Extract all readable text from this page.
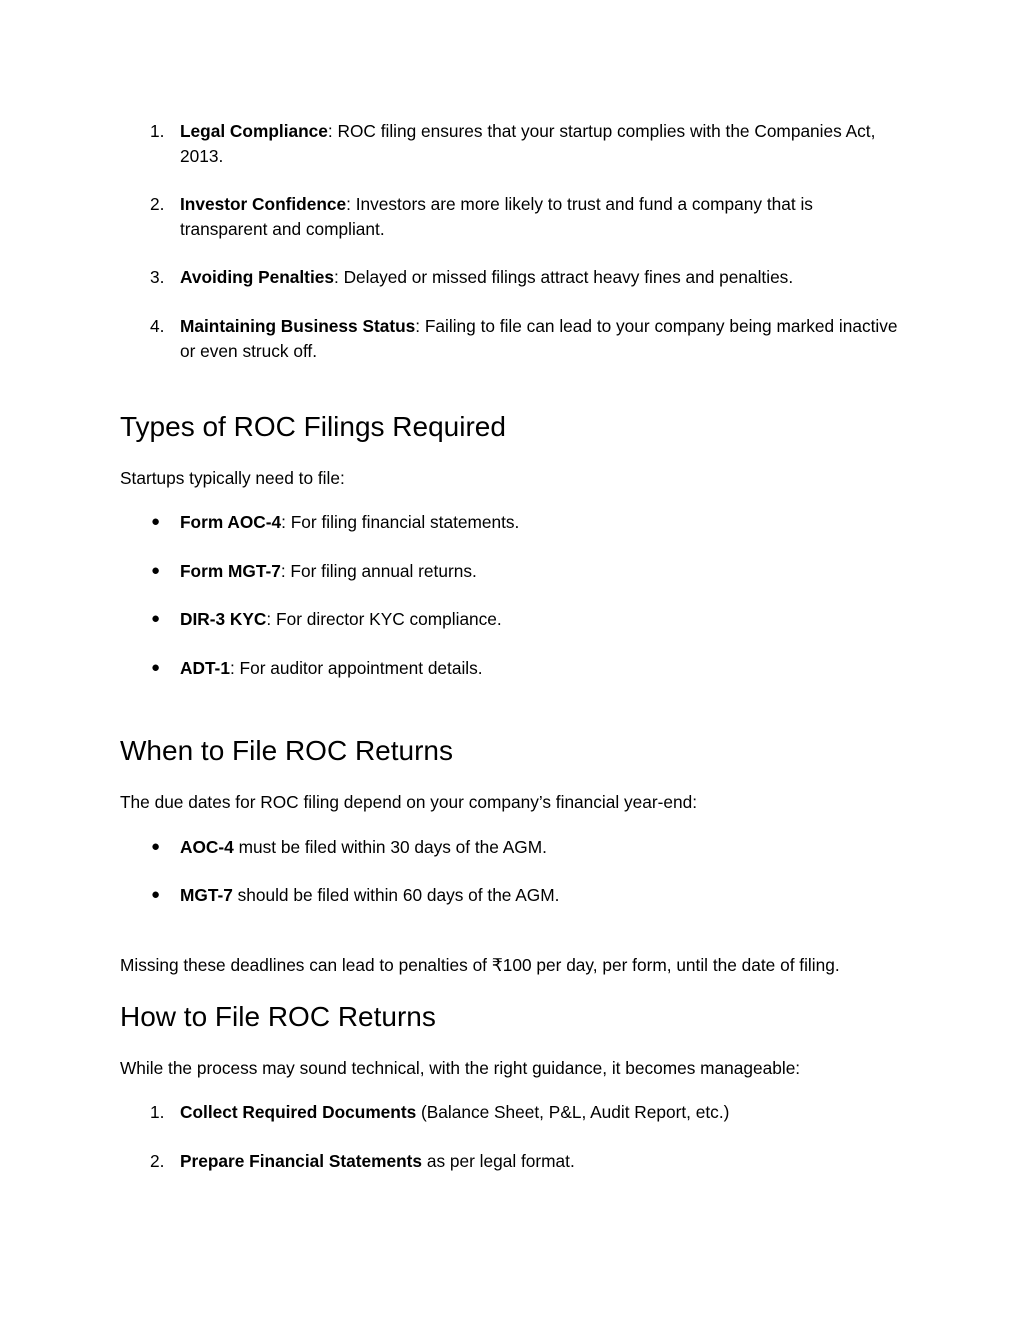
1. Legal Compliance: ROC filing ensures that your startup complies with the Companies Act, 2013.
2. Investor Confidence: Investors are more likely to trust and fund a company that is transparent and compliant.
3. Avoiding Penalties: Delayed or missed filings attract heavy fines and penalties.
4. Maintaining Business Status: Failing to file can lead to your company being marked inactive or even struck off.
Types of ROC Filings Required

Startups typically need to file:

●	Form AOC-4: For filing financial statements.
●	Form MGT-7: For filing annual returns.
●	DIR-3 KYC: For director KYC compliance.
●	ADT-1: For auditor appointment details.
When to File ROC Returns

The due dates for ROC filing depend on your company’s financial year-end:

●	AOC-4 must be filed within 30 days of the AGM.
●	MGT-7 should be filed within 60 days of the AGM.

Missing these deadlines can lead to penalties of ₹100 per day, per form, until the date of filing.

How to File ROC Returns

While the process may sound technical, with the right guidance, it becomes manageable:

1. Collect Required Documents (Balance Sheet, P&L, Audit Report, etc.)
2. Prepare Financial Statements as per legal format.
